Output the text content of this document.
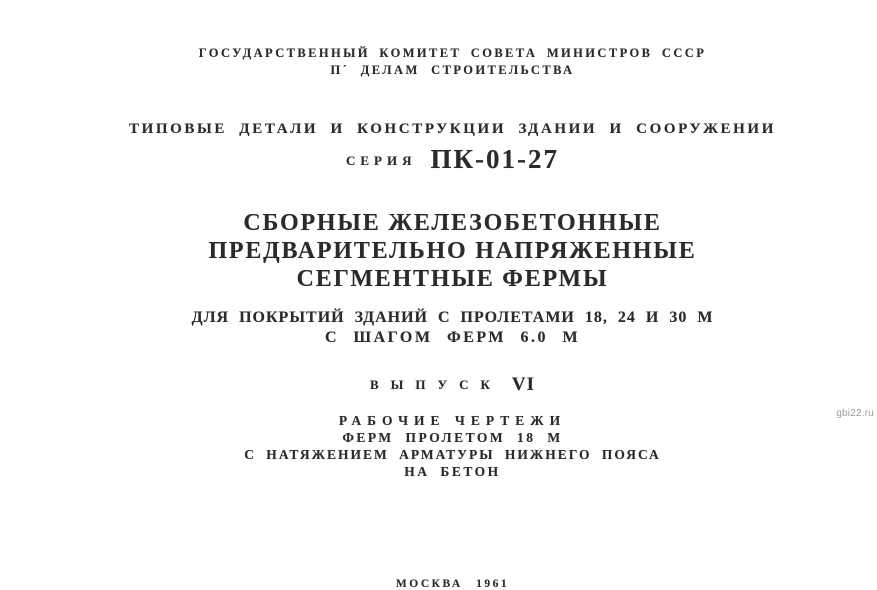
ГОСУДАРСТВЕННЫЙ КОМИТЕТ СОВЕТА МИНИСТРОВ СССР
П´ ДЕЛАМ СТРОИТЕЛЬСТВА
ТИПОВЫЕ ДЕТАЛИ И КОНСТРУКЦИИ ЗДАНИИ И СООРУЖЕНИИ
СЕРИЯ ПК-01-27
СБОРНЫЕ ЖЕЛЕЗОБЕТОННЫЕ
ПРЕДВАРИТЕЛЬНО НАПРЯЖЕННЫЕ
СЕГМЕНТНЫЕ ФЕРМЫ
ДЛЯ ПОКРЫТИЙ ЗДАНИЙ С ПРОЛЕТАМИ 18, 24 И 30 М
С ШАГОМ ФЕРМ 6.0 М
ВЫПУСК VI
РАБОЧИЕ ЧЕРТЕЖИ
ФЕРМ ПРОЛЕТОМ 18 М
С НАТЯЖЕНИЕМ АРМАТУРЫ НИЖНЕГО ПОЯСА
НА БЕТОН
МОСКВА 1961
gbi22.ru
